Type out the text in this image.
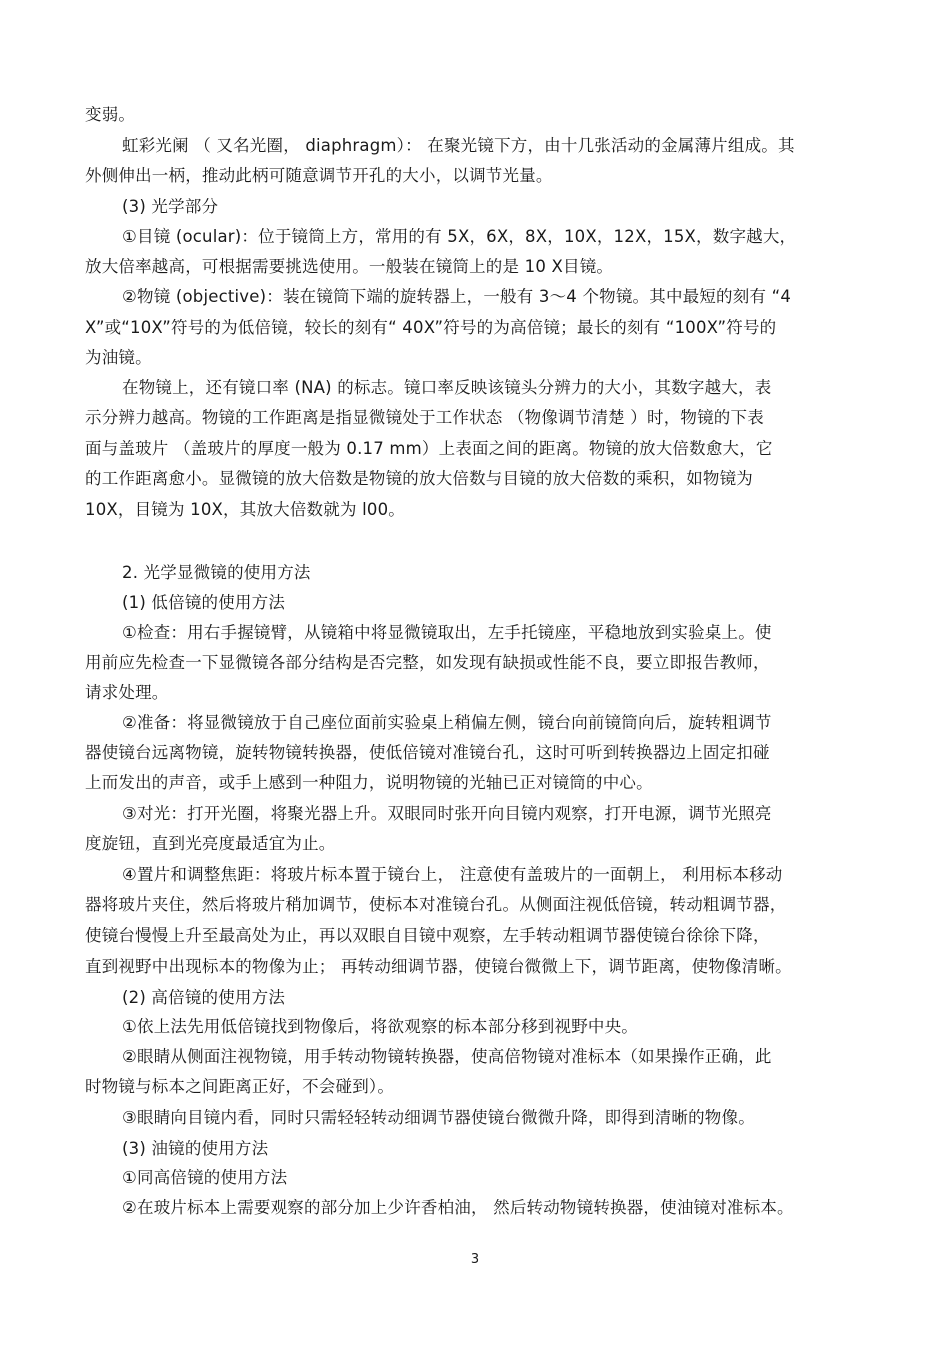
变弱。
虹彩光阑 （ 又名光圈， diaphragm）： 在聚光镜下方，由十几张活动的金属薄片组成。其
外侧伸出一柄，推动此柄可随意调节开孔的大小，以调节光量。
(3) 光学部分
①目镜 (ocular)：位于镜筒上方，常用的有 5X，6X，8X，10X，12X，15X，数字越大，
放大倍率越高，可根据需要挑选使用。一般装在镜筒上的是 10 X目镜。
②物镜 (objective)：装在镜筒下端的旋转器上，一般有 3～4 个物镜。其中最短的刻有 “4
X”或“10X”符号的为低倍镜，较长的刻有“ 40X”符号的为高倍镜；最长的刻有 “100X”符号的
为油镜。
在物镜上，还有镜口率 (NA) 的标志。镜口率反映该镜头分辨力的大小，其数字越大，表
示分辨力越高。物镜的工作距离是指显微镜处于工作状态 （物像调节清楚 ）时，物镜的下表
面与盖玻片 （盖玻片的厚度一般为 0.17 mm）上表面之间的距离。物镜的放大倍数愈大，它
的工作距离愈小。显微镜的放大倍数是物镜的放大倍数与目镜的放大倍数的乘积，如物镜为
10X，目镜为 10X，其放大倍数就为 l00。
2. 光学显微镜的使用方法
(1) 低倍镜的使用方法
①检查：用右手握镜臂，从镜箱中将显微镜取出，左手托镜座，平稳地放到实验桌上。使
用前应先检查一下显微镜各部分结构是否完整，如发现有缺损或性能不良，要立即报告教师，
请求处理。
②准备：将显微镜放于自己座位面前实验桌上稍偏左侧，镜台向前镜筒向后，旋转粗调节
器使镜台远离物镜，旋转物镜转换器，使低倍镜对准镜台孔，这时可听到转换器边上固定扣碰
上而发出的声音，或手上感到一种阻力，说明物镜的光轴已正对镜筒的中心。
③对光：打开光圈，将聚光器上升。双眼同时张开向目镜内观察，打开电源，调节光照亮
度旋钮，直到光亮度最适宜为止。
④置片和调整焦距：将玻片标本置于镜台上， 注意使有盖玻片的一面朝上， 利用标本移动
器将玻片夹住，然后将玻片稍加调节，使标本对准镜台孔。从侧面注视低倍镜，转动粗调节器，
使镜台慢慢上升至最高处为止，再以双眼自目镜中观察，左手转动粗调节器使镜台徐徐下降，
直到视野中出现标本的物像为止； 再转动细调节器，使镜台微微上下，调节距离，使物像清晰。
(2) 高倍镜的使用方法
①依上法先用低倍镜找到物像后，将欲观察的标本部分移到视野中央。
②眼睛从侧面注视物镜，用手转动物镜转换器，使高倍物镜对准标本（如果操作正确，此
时物镜与标本之间距离正好，不会碰到）。
③眼睛向目镜内看，同时只需轻轻转动细调节器使镜台微微升降，即得到清晰的物像。
(3) 油镜的使用方法
①同高倍镜的使用方法
②在玻片标本上需要观察的部分加上少许香柏油， 然后转动物镜转换器，使油镜对准标本。
3
